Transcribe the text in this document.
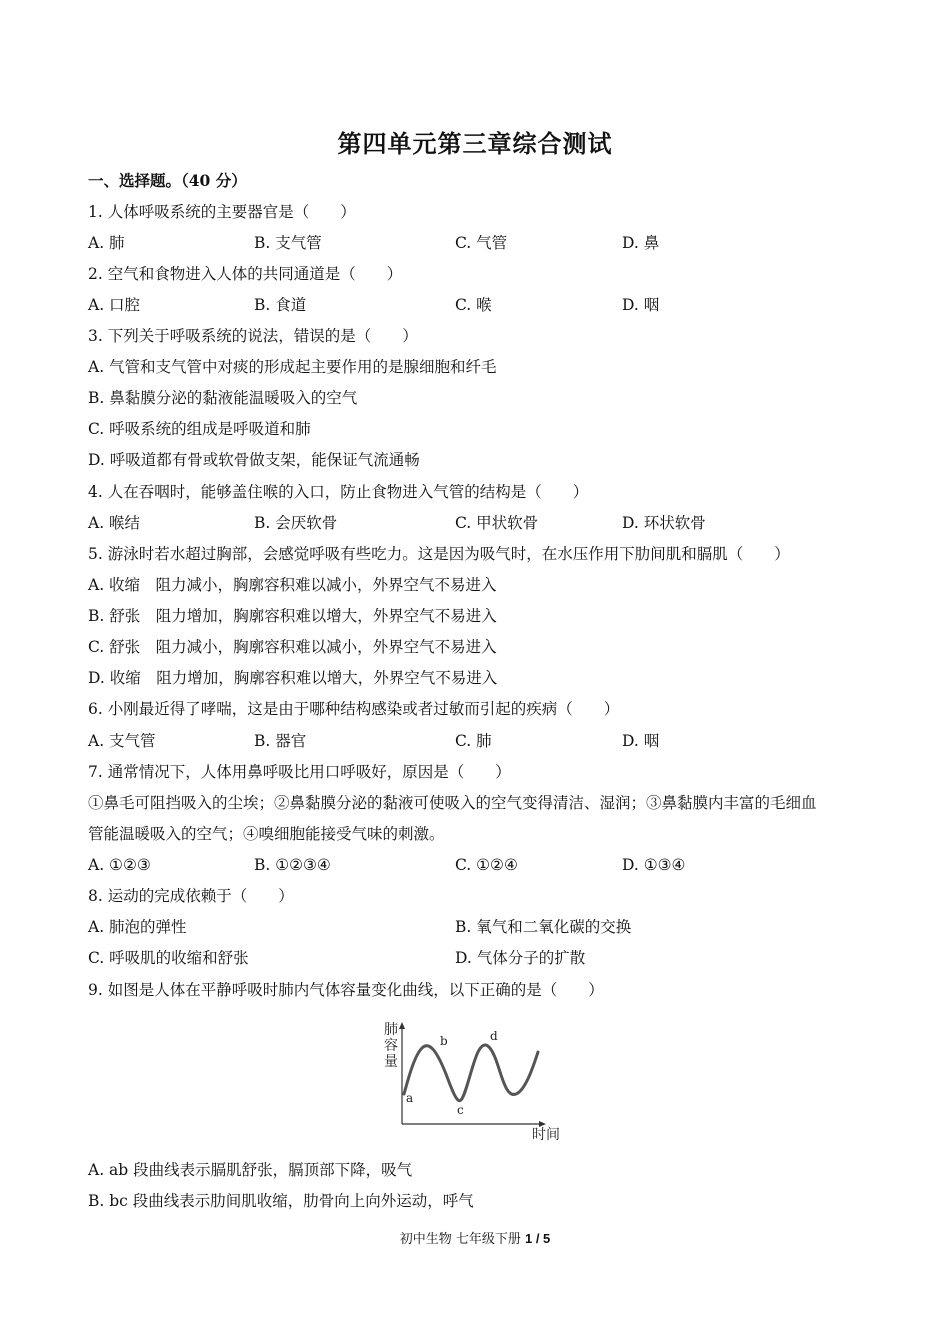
第四单元第三章综合测试
一、选择题。（40 分）
1. 人体呼吸系统的主要器官是（　　）
A. 肺	B. 支气管	C. 气管	D. 鼻
2. 空气和食物进入人体的共同通道是（　　）
A. 口腔	B. 食道	C. 喉	D. 咽
3. 下列关于呼吸系统的说法，错误的是（　　）
A. 气管和支气管中对痰的形成起主要作用的是腺细胞和纤毛
B. 鼻黏膜分泌的黏液能温暖吸入的空气
C. 呼吸系统的组成是呼吸道和肺
D. 呼吸道都有骨或软骨做支架，能保证气流通畅
4. 人在吞咽时，能够盖住喉的入口，防止食物进入气管的结构是（　　）
A. 喉结	B. 会厌软骨	C. 甲状软骨	D. 环状软骨
5. 游泳时若水超过胸部，会感觉呼吸有些吃力。这是因为吸气时，在水压作用下肋间肌和膈肌（　　）
A. 收缩　阻力减小，胸廓容积难以减小，外界空气不易进入
B. 舒张　阻力增加，胸廓容积难以增大，外界空气不易进入
C. 舒张　阻力减小，胸廓容积难以减小，外界空气不易进入
D. 收缩　阻力增加，胸廓容积难以增大，外界空气不易进入
6. 小刚最近得了哮喘，这是由于哪种结构感染或者过敏而引起的疾病（　　）
A. 支气管	B. 器官	C. 肺	D. 咽
7. 通常情况下，人体用鼻呼吸比用口呼吸好，原因是（　　）
①鼻毛可阻挡吸入的尘埃；②鼻黏膜分泌的黏液可使吸入的空气变得清洁、湿润；③鼻黏膜内丰富的毛细血
管能温暖吸入的空气；④嗅细胞能接受气味的刺激。
A. ①②③	B. ①②③④	C. ①②④	D. ①③④
8. 运动的完成依赖于（　　）
A. 肺泡的弹性	B. 氧气和二氧化碳的交换
C. 呼吸肌的收缩和舒张	D. 气体分子的扩散
9. 如图是人体在平静呼吸时肺内气体容量变化曲线，以下正确的是（　　）
肺
容
量
a
b
c
d
时间
A. ab 段曲线表示膈肌舒张，膈顶部下降，吸气
B. bc 段曲线表示肋间肌收缩，肋骨向上向外运动，呼气
初中生物 七年级下册 1 / 5
